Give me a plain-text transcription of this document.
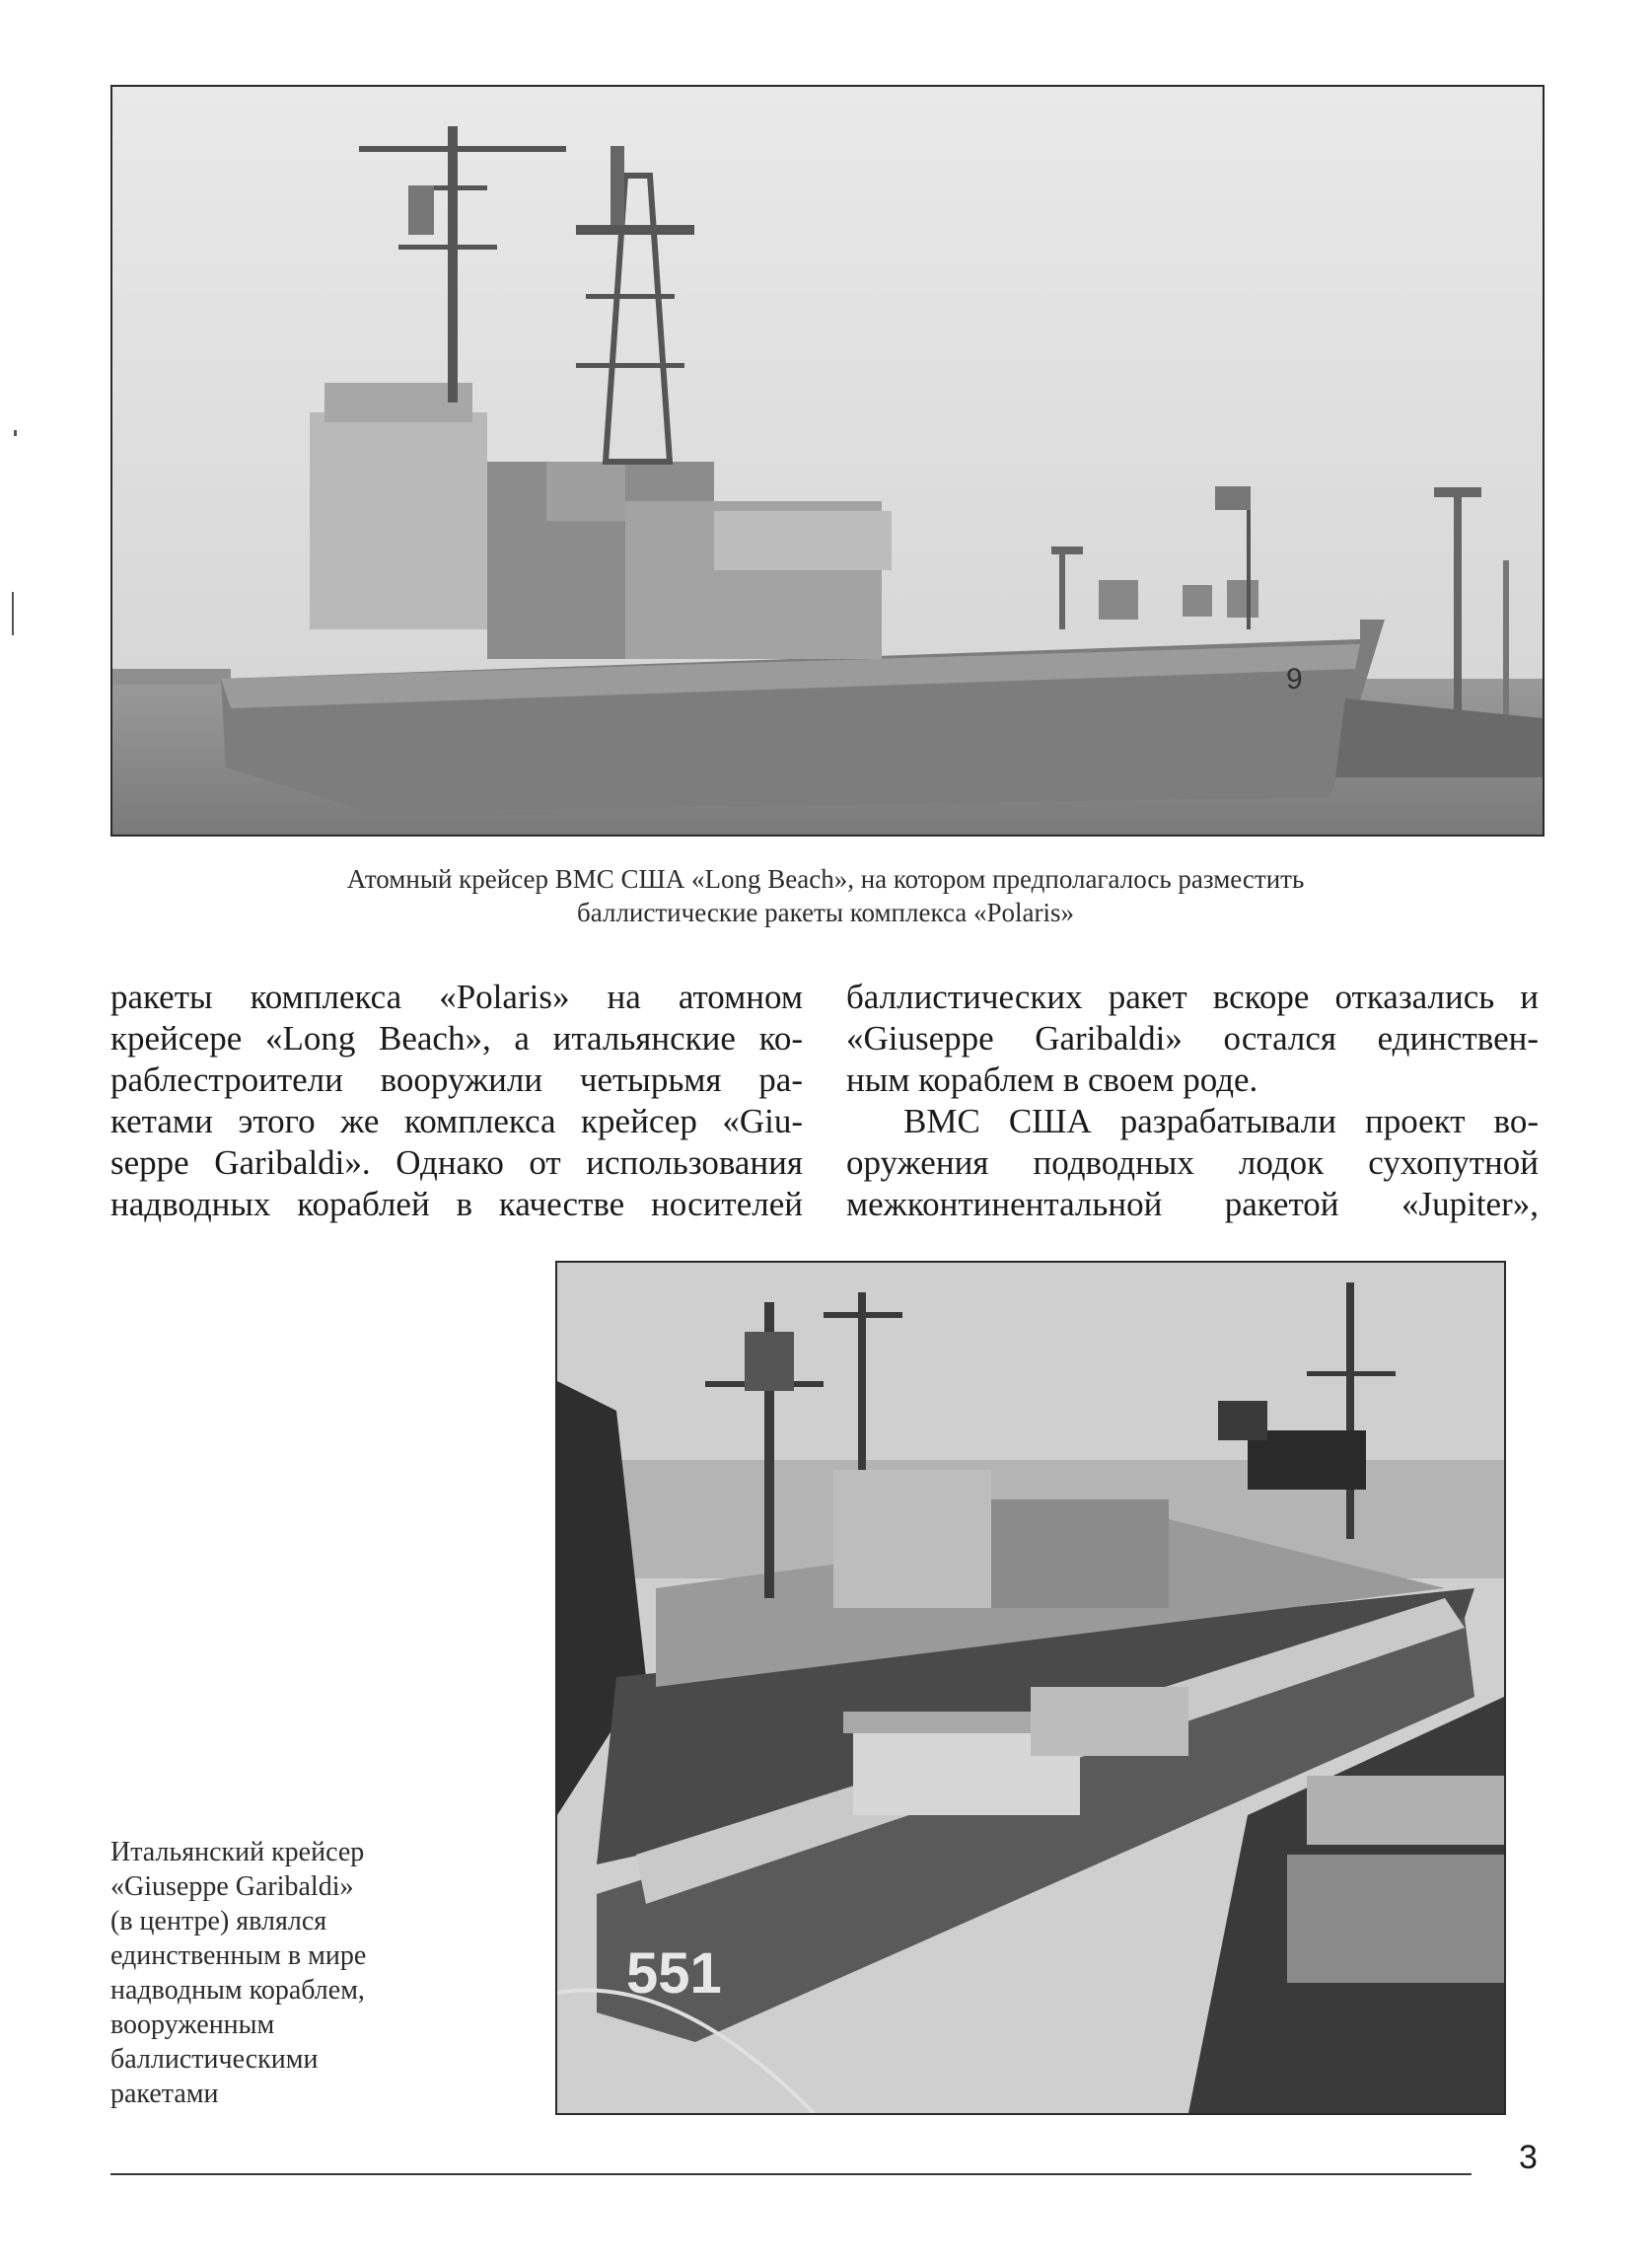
9
Атомный крейсер ВМС США «Long Beach», на котором предполагалось разместить
баллистические ракеты комплекса «Polaris»
ракеты комплекса «Polaris» на атомном
крейсере «Long Beach», а итальянские ко-
раблестроители вооружили четырьмя ра-
кетами этого же комплекса крейсер «Giu-
seppe Garibaldi». Однако от использования
надводных кораблей в качестве носителей
баллистических ракет вскоре отказались и
«Giuseppe Garibaldi» остался единствен-
ным кораблем в своем роде.
ВМС США разрабатывали проект во-
оружения подводных лодок сухопутной
межконтинентальной ракетой «Jupiter»,
551
Итальянский крейсер
«Giuseppe Garibaldi»
(в центре) являлся
единственным в мире
надводным кораблем,
вооруженным
баллистическими
ракетами
3
